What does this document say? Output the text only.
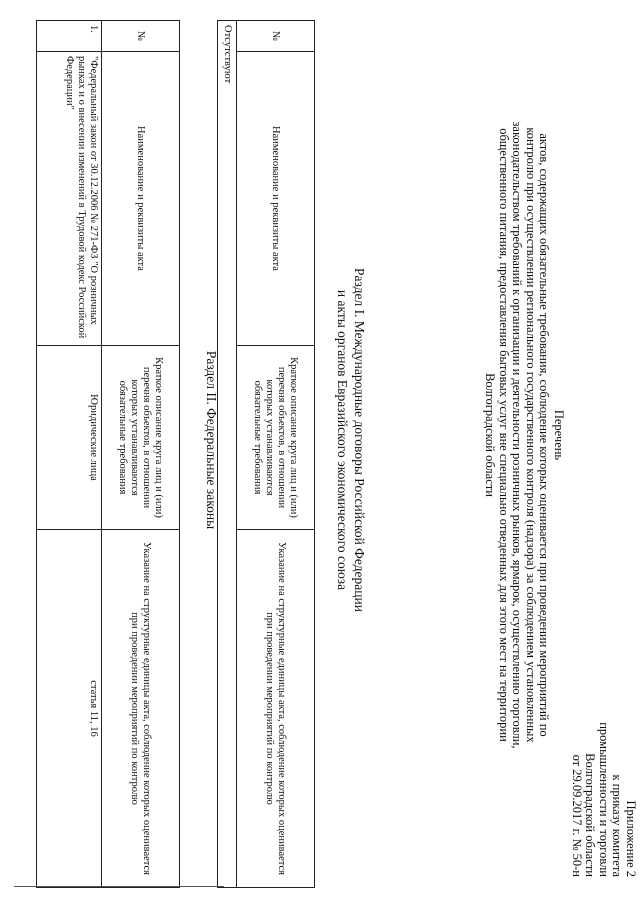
Приложение 2
к приказу комитета
промышленности и торговли
Волгоградской области
от 29.09.2017 г. № 50-н
Перечень
актов, содержащих обязательные требования, соблюдение которых оценивается при проведении мероприятий по
контролю при осуществлении регионального государственного контроля (надзора) за соблюдением установленных
законодательством требований к организации и деятельности розничных рынков, ярмарок, осуществлению торговли,
общественного питания, предоставления бытовых услуг вне специально отведенных для этого мест на территории
Волгоградской области
Раздел I. Международные договоры Российской Федерации
и акты органов Евразийского экономического союза
№	Наименование и реквизиты акта	Краткое описание круга лиц и (или) перечня объектов, в отношении которых устанавливаются обязательные требования	Указание на структурные единицы акта, соблюдение которых оценивается при проведении мероприятий по контролю
Отсутствуют
Раздел II. Федеральные законы
№	Наименование и реквизиты акта	Краткое описание круга лиц и (или) перечня объектов, в отношении которых устанавливаются обязательные требования	Указание на структурные единицы акта, соблюдение которых оценивается при проведении мероприятий по контролю
1.	"Федеральный закон от 30.12.2006 № 271-ФЗ "О розничных рынках и о внесении изменений в Трудовой кодекс Российской Федерации"	Юридические лица	статья 11, 16
